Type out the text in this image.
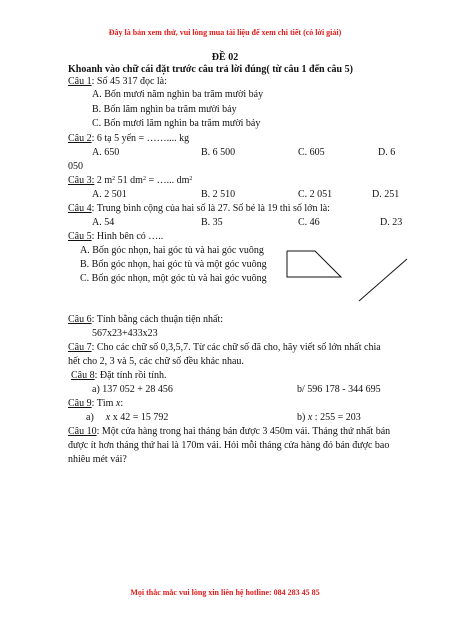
Đây là bản xem thử, vui lòng mua tài liệu để xem chi tiết (có lời giải)
ĐỀ 02
Khoanh vào chữ cái đặt trước câu trả lời đúng( từ câu 1 đến câu 5)
Câu 1: Số 45 317 đọc là:
A. Bốn mươi năm nghìn ba trăm mười bảy
B. Bốn lăm nghìn ba trăm mười bảy
C. Bốn mươi lăm nghìn ba trăm mười bảy
Câu 2: 6 tạ 5 yến = …….... kg
A. 650	B. 6 500	C. 605	D. 6
050
Câu 3: 2 $m^2$ 51 $dm^2$ = …... $dm^2$
A. 2 501	B. 2 510	C. 2 051	D. 251
Câu 4: Trung bình cộng của hai số là 27. Số bé là 19 thì số lớn là:
A. 54	B. 35	C. 46	D. 23
Câu 5: Hình bên có …..
A. Bốn góc nhọn, hai góc tù và hai góc vuông
B. Bốn góc nhọn, hai góc tù và một góc vuông
C. Bốn góc nhọn, một góc tù và hai góc vuông
Câu 6: Tính bằng cách thuận tiện nhất:
567x23+433x23
Câu 7: Cho các chữ số 0,3,5,7. Từ các chữ số đã cho, hãy viết số lớn nhất chia
hết cho 2, 3 và 5, các chữ số đều khác nhau.
Câu 8: Đặt tính rồi tính.
a) 137 052 + 28 456	b/ 596 178 - 344 695
Câu 9: Tìm x:
a) x x 42 = 15 792	b) x : 255 = 203
Câu 10: Một cửa hàng trong hai tháng bán được 3 450m vải. Tháng thứ nhất bán
được ít hơn tháng thứ hai là 170m vải. Hỏi mỗi tháng cửa hàng đó bán được bao
nhiêu mét vải?
Mọi thắc mắc vui lòng xin liên hệ hotline: 084 283 45 85
